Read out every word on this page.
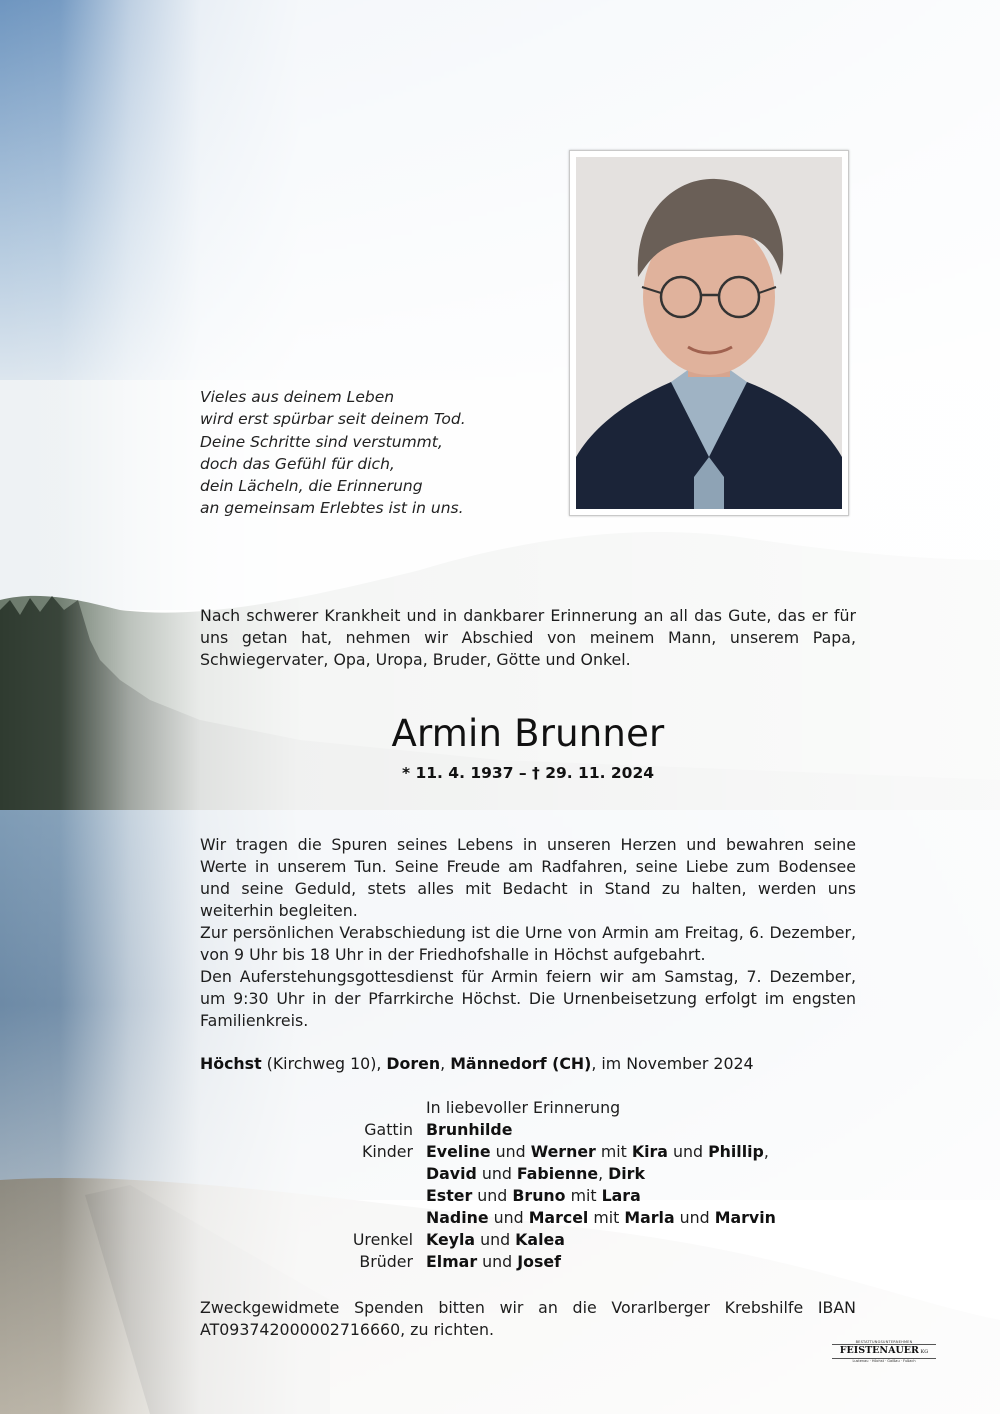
Vieles aus deinem Leben
wird erst spürbar seit deinem Tod.
Deine Schritte sind verstummt,
doch das Gefühl für dich,
dein Lächeln, die Erinnerung
an gemeinsam Erlebtes ist in uns.
Nach schwerer Krankheit und in dankbarer Erinnerung an all das Gute, das er für uns getan hat, nehmen wir Abschied von meinem Mann, unserem Papa, Schwiegervater, Opa, Uropa, Bruder, Götte und Onkel.
Armin Brunner
* 11. 4. 1937 – † 29. 11. 2024

Wir tragen die Spuren seines Lebens in unseren Herzen und bewahren seine Werte in unserem Tun. Seine Freude am Radfahren, seine Liebe zum Bodensee und seine Geduld, stets alles mit Bedacht in Stand zu halten, werden uns weiterhin begleiten.

Zur persönlichen Verabschiedung ist die Urne von Armin am Freitag, 6. Dezember, von 9 Uhr bis 18 Uhr in der Friedhofshalle in Höchst aufgebahrt.

Den Auferstehungsgottesdienst für Armin feiern wir am Samstag, 7. Dezember, um 9:30 Uhr in der Pfarrkirche Höchst. Die Urnenbeisetzung erfolgt im engsten Familienkreis.

Höchst (Kirchweg 10), Doren, Männedorf (CH), im November 2024
In liebevoller Erinnerung
Gattin Brunhilde
Kinder Eveline und Werner mit Kira und Phillip,
David und Fabienne, Dirk
Ester und Bruno mit Lara
Nadine und Marcel mit Marla und Marvin
Urenkel Keyla und Kalea
Brüder Elmar und Josef
Zweckgewidmete Spenden bitten wir an die Vorarlberger Krebshilfe IBAN AT093742000002716660, zu richten.
BESTATTUNGSUNTERNEHMEN
FEISTENAUER KG
Lustenau · Höchst · Gaißau · Fußach
